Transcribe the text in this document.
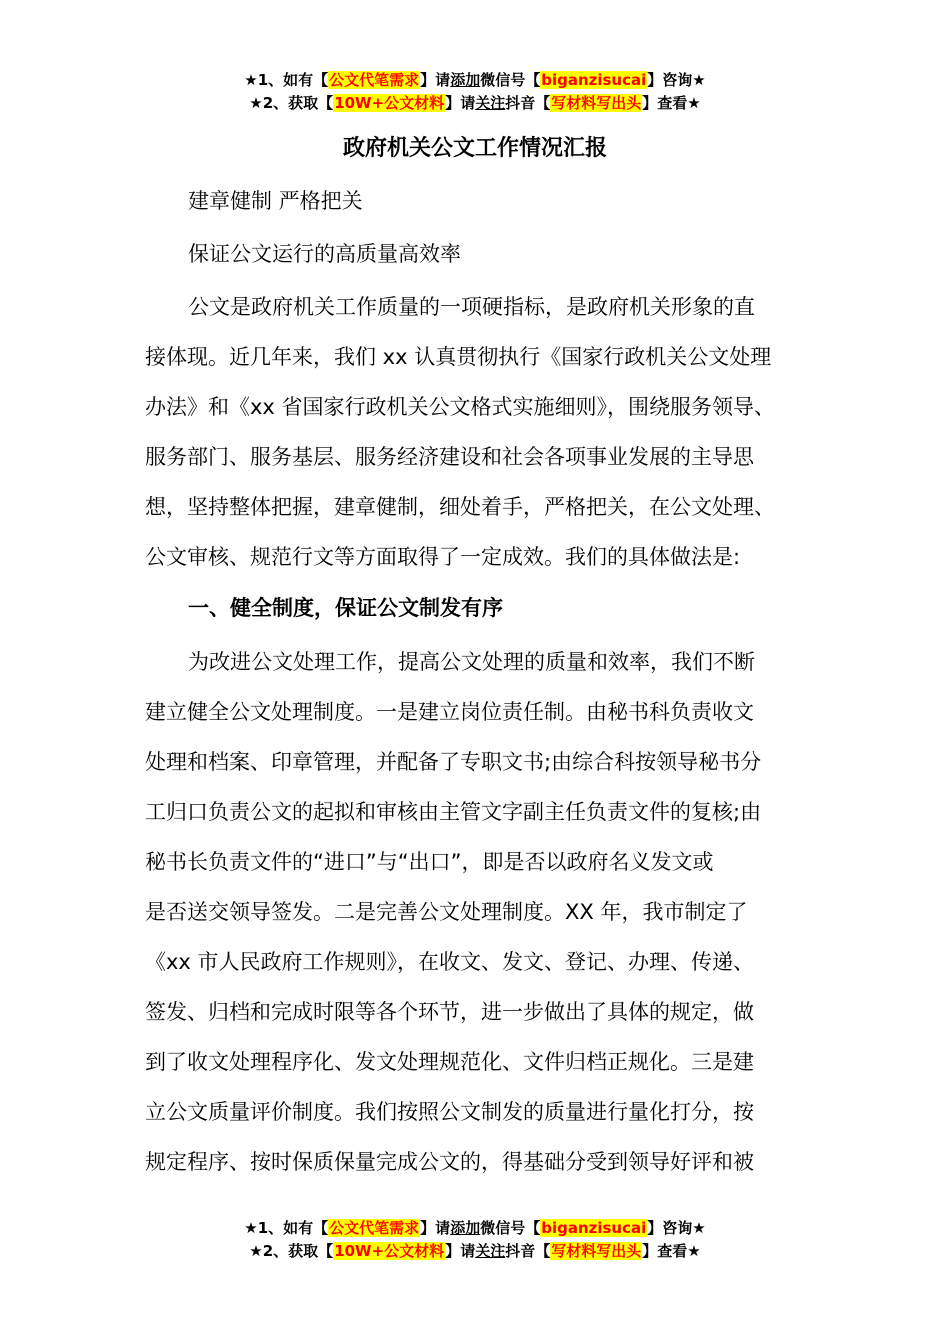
★1、如有【公文代笔需求】请添加微信号【biganzisucai】咨询★
★2、获取【10W+公文材料】请关注抖音【写材料写出头】查看★
政府机关公文工作情况汇报
建章健制 严格把关
保证公文运行的高质量高效率
公文是政府机关工作质量的一项硬指标，是政府机关形象的直
接体现。近几年来，我们 xx 认真贯彻执行《国家行政机关公文处理
办法》和《xx 省国家行政机关公文格式实施细则》，围绕服务领导、
服务部门、服务基层、服务经济建设和社会各项事业发展的主导思
想，坚持整体把握，建章健制，细处着手，严格把关，在公文处理、
公文审核、规范行文等方面取得了一定成效。我们的具体做法是:
一、健全制度，保证公文制发有序
为改进公文处理工作，提高公文处理的质量和效率，我们不断
建立健全公文处理制度。一是建立岗位责任制。由秘书科负责收文
处理和档案、印章管理，并配备了专职文书;由综合科按领导秘书分
工归口负责公文的起拟和审核由主管文字副主任负责文件的复核;由
秘书长负责文件的“进口”与“出口”，即是否以政府名义发文或
是否送交领导签发。二是完善公文处理制度。XX 年，我市制定了
《xx 市人民政府工作规则》，在收文、发文、登记、办理、传递、
签发、归档和完成时限等各个环节，进一步做出了具体的规定，做
到了收文处理程序化、发文处理规范化、文件归档正规化。三是建
立公文质量评价制度。我们按照公文制发的质量进行量化打分，按
规定程序、按时保质保量完成公文的，得基础分受到领导好评和被
★1、如有【公文代笔需求】请添加微信号【biganzisucai】咨询★
★2、获取【10W+公文材料】请关注抖音【写材料写出头】查看★
